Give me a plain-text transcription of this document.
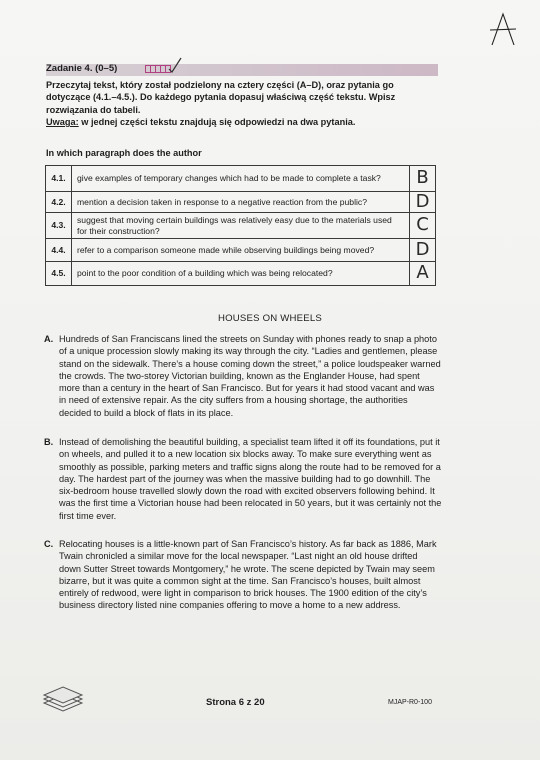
Zadanie 4. (0–5)
Przeczytaj tekst, który został podzielony na cztery części (A–D), oraz pytania go dotyczące (4.1.–4.5.). Do każdego pytania dopasuj właściwą część tekstu. Wpisz rozwiązania do tabeli.
Uwaga: w jednej części tekstu znajdują się odpowiedzi na dwa pytania.
In which paragraph does the author
4.1.	give examples of temporary changes which had to be made to complete a task?	B
4.2.	mention a decision taken in response to a negative reaction from the public?	D
4.3.	suggest that moving certain buildings was relatively easy due to the materials used for their construction?	C
4.4.	refer to a comparison someone made while observing buildings being moved?	D
4.5.	point to the poor condition of a building which was being relocated?	A
HOUSES ON WHEELS
A. Hundreds of San Franciscans lined the streets on Sunday with phones ready to snap a photo of a unique procession slowly making its way through the city. “Ladies and gentlemen, please stand on the sidewalk. There’s a house coming down the street,” a police loudspeaker warned the crowds. The two-storey Victorian building, known as the Englander House, had spent more than a century in the heart of San Francisco. But for years it had stood vacant and was in need of extensive repair. As the city suffers from a housing shortage, the authorities decided to build a block of flats in its place.
B. Instead of demolishing the beautiful building, a specialist team lifted it off its foundations, put it on wheels, and pulled it to a new location six blocks away. To make sure everything went as smoothly as possible, parking meters and traffic signs along the route had to be removed for a day. The hardest part of the journey was when the massive building had to go downhill. The six-bedroom house travelled slowly down the road with excited observers following behind. It was the first time a Victorian house had been relocated in 50 years, but it was certainly not the first time ever.
C. Relocating houses is a little-known part of San Francisco’s history. As far back as 1886, Mark Twain chronicled a similar move for the local newspaper. “Last night an old house drifted down Sutter Street towards Montgomery,” he wrote. The scene depicted by Twain may seem bizarre, but it was quite a common sight at the time. San Francisco’s houses, built almost entirely of redwood, were light in comparison to brick houses. The 1900 edition of the city’s business directory listed nine companies offering to move a home to a new address.
Strona 6 z 20	MJAP-R0-100
